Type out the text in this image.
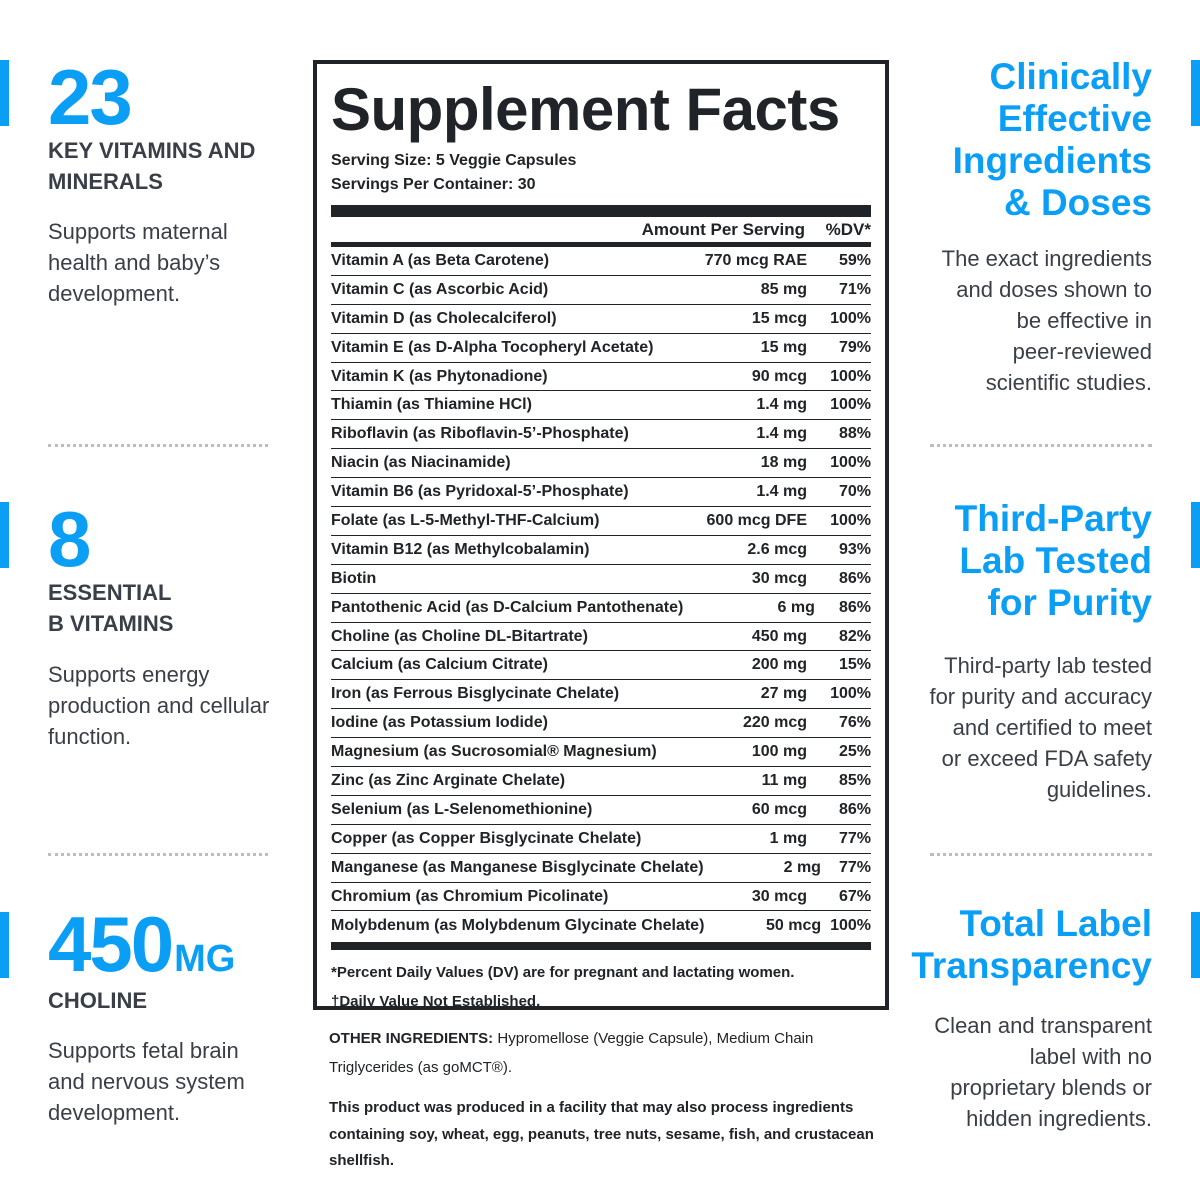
23
KEY VITAMINS AND
MINERALS
Supports maternal
health and baby’s
development.
8
ESSENTIAL
B VITAMINS
Supports energy
production and cellular
function.
450MG
CHOLINE
Supports fetal brain
and nervous system
development.
Clinically
Effective
Ingredients
& Doses
The exact ingredients
and doses shown to
be effective in
peer-reviewed
scientific studies.
Third-Party
Lab Tested
for Purity
Third-party lab tested
for purity and accuracy
and certified to meet
or exceed FDA safety
guidelines.
Total Label
Transparency
Clean and transparent
label with no
proprietary blends or
hidden ingredients.
Supplement Facts
Serving Size: 5 Veggie Capsules
Servings Per Container: 30
Amount Per Serving	%DV*
Vitamin A (as Beta Carotene)	770 mcg RAE	59%
Vitamin C (as Ascorbic Acid)	85 mg	71%
Vitamin D (as Cholecalciferol)	15 mcg	100%
Vitamin E (as D-Alpha Tocopheryl Acetate)	15 mg	79%
Vitamin K (as Phytonadione)	90 mcg	100%
Thiamin (as Thiamine HCl)	1.4 mg	100%
Riboflavin (as Riboflavin-5’-Phosphate)	1.4 mg	88%
Niacin (as Niacinamide)	18 mg	100%
Vitamin B6 (as Pyridoxal-5’-Phosphate)	1.4 mg	70%
Folate (as L-5-Methyl-THF-Calcium)	600 mcg DFE	100%
Vitamin B12 (as Methylcobalamin)	2.6 mcg	93%
Biotin	30 mcg	86%
Pantothenic Acid (as D-Calcium Pantothenate)	6 mg	86%
Choline (as Choline DL-Bitartrate)	450 mg	82%
Calcium (as Calcium Citrate)	200 mg	15%
Iron (as Ferrous Bisglycinate Chelate)	27 mg	100%
Iodine (as Potassium Iodide)	220 mcg	76%
Magnesium (as Sucrosomial® Magnesium)	100 mg	25%
Zinc (as Zinc Arginate Chelate)	11 mg	85%
Selenium (as L-Selenomethionine)	60 mcg	86%
Copper (as Copper Bisglycinate Chelate)	1 mg	77%
Manganese (as Manganese Bisglycinate Chelate)	2 mg	77%
Chromium (as Chromium Picolinate)	30 mcg	67%
Molybdenum (as Molybdenum Glycinate Chelate)	50 mcg 100%
*Percent Daily Values (DV) are for pregnant and lactating women.
†Daily Value Not Established.
OTHER INGREDIENTS: Hypromellose (Veggie Capsule), Medium Chain Triglycerides (as goMCT®).
This product was produced in a facility that may also process ingredients containing soy, wheat, egg, peanuts, tree nuts, sesame, fish, and crustacean shellfish.
